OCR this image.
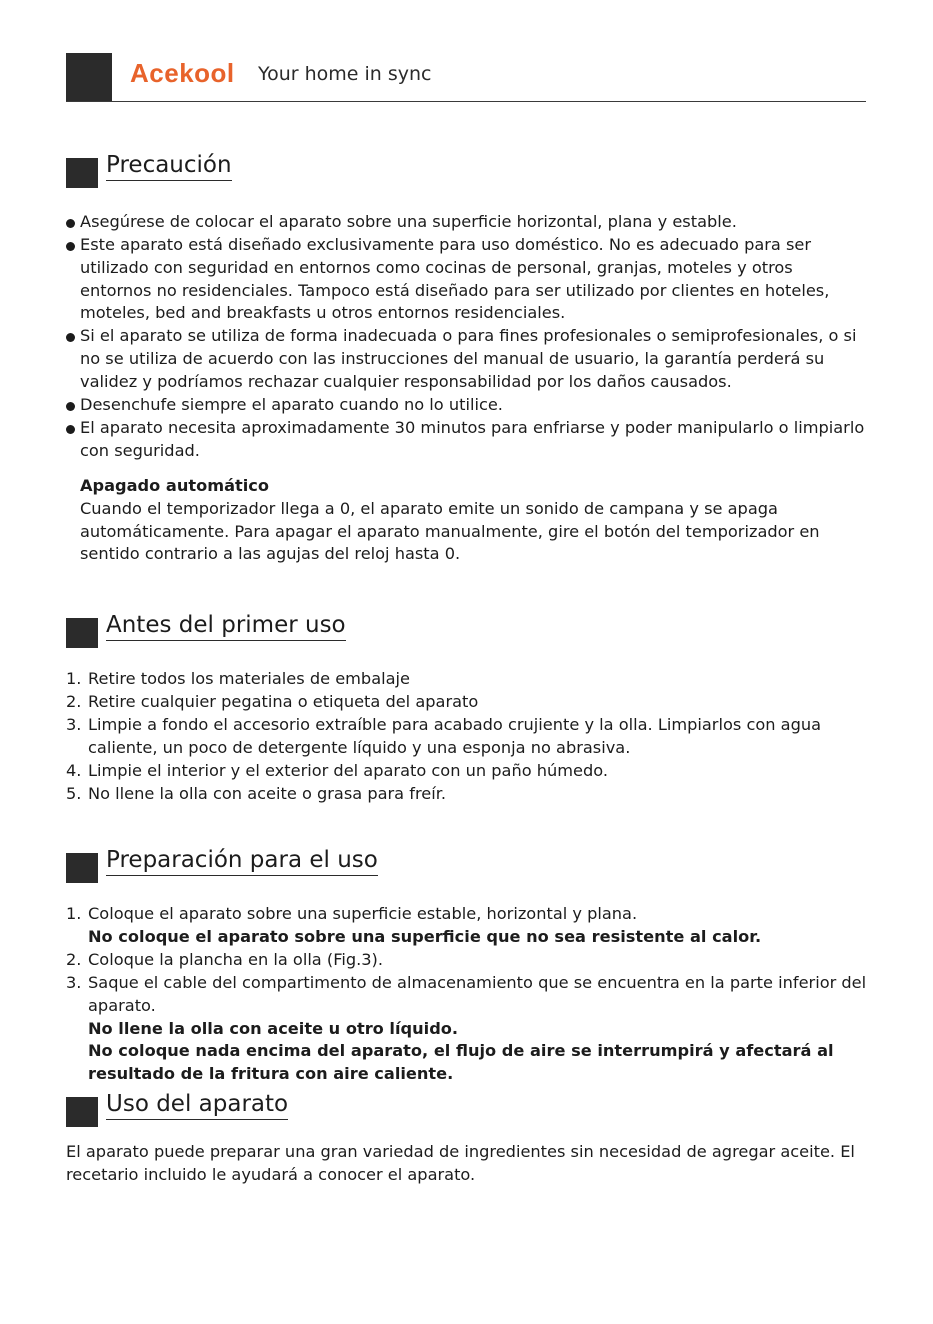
Acekool Your home in sync
Precaución
Asegúrese de colocar el aparato sobre una superficie horizontal, plana y estable.
Este aparato está diseñado exclusivamente para uso doméstico. No es adecuado para ser utilizado con seguridad en entornos como cocinas de personal, granjas, moteles y otros entornos no residenciales. Tampoco está diseñado para ser utilizado por clientes en hoteles, moteles, bed and breakfasts u otros entornos residenciales.
Si el aparato se utiliza de forma inadecuada o para fines profesionales o semiprofesionales, o si no se utiliza de acuerdo con las instrucciones del manual de usuario, la garantía perderá su validez y podríamos rechazar cualquier responsabilidad por los daños causados.
Desenchufe siempre el aparato cuando no lo utilice.
El aparato necesita aproximadamente 30 minutos para enfriarse y poder manipularlo o limpiarlo con seguridad.
Apagado automático
Cuando el temporizador llega a 0, el aparato emite un sonido de campana y se apaga automáticamente. Para apagar el aparato manualmente, gire el botón del temporizador en sentido contrario a las agujas del reloj hasta 0.
Antes del primer uso
1. Retire todos los materiales de embalaje
2. Retire cualquier pegatina o etiqueta del aparato
3. Limpie a fondo el accesorio extraíble para acabado crujiente y la olla. Limpiarlos con agua caliente, un poco de detergente líquido y una esponja no abrasiva.
4. Limpie el interior y el exterior del aparato con un paño húmedo.
5. No llene la olla con aceite o grasa para freír.
Preparación para el uso
1. Coloque el aparato sobre una superficie estable, horizontal y plana.
No coloque el aparato sobre una superficie que no sea resistente al calor.
2. Coloque la plancha en la olla (Fig.3).
3. Saque el cable del compartimento de almacenamiento que se encuentra en la parte inferior del aparato.
No llene la olla con aceite u otro líquido.
No coloque nada encima del aparato, el flujo de aire se interrumpirá y afectará al resultado de la fritura con aire caliente.
Uso del aparato
El aparato puede preparar una gran variedad de ingredientes sin necesidad de agregar aceite. El recetario incluido le ayudará a conocer el aparato.
